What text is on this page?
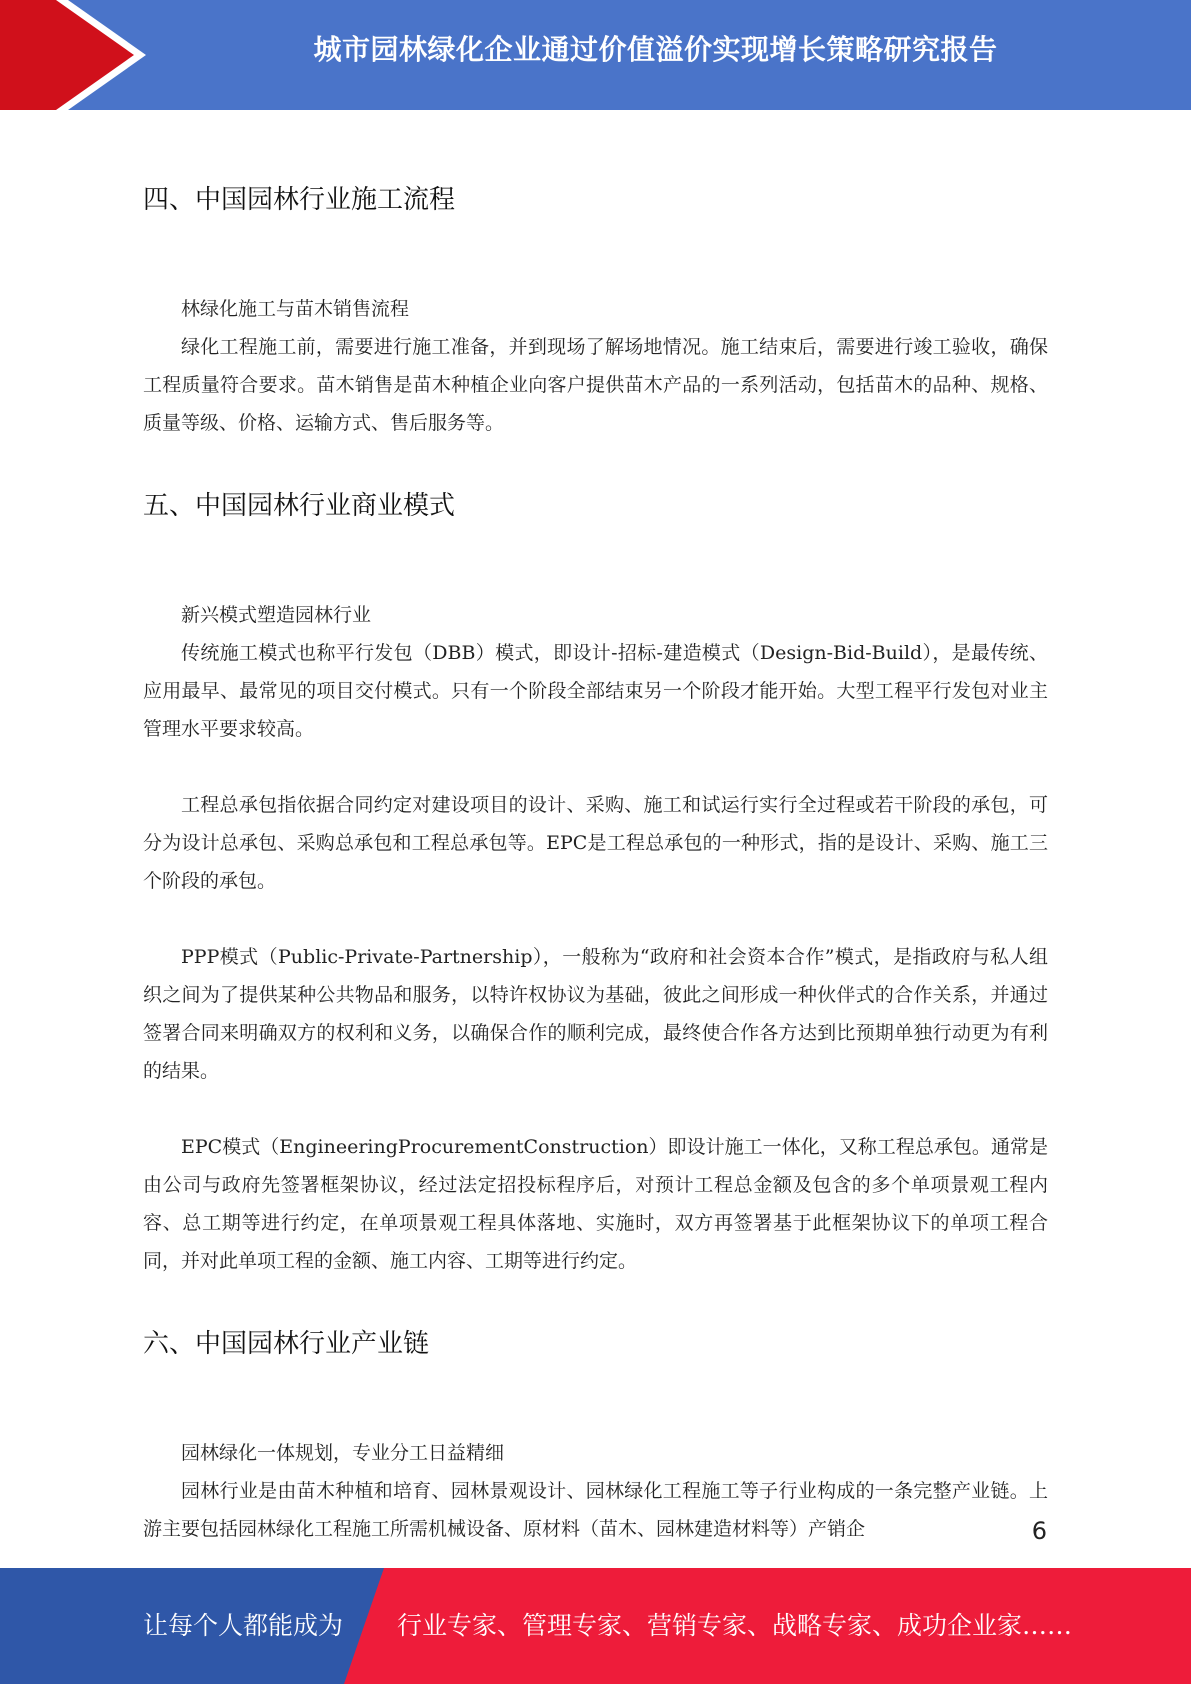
城市园林绿化企业通过价值溢价实现增长策略研究报告
四、中国园林行业施工流程

林绿化施工与苗木销售流程

绿化工程施工前，需要进行施工准备，并到现场了解场地情况。施工结束后，需要进行竣工验收，确保工程质量符合要求。苗木销售是苗木种植企业向客户提供苗木产品的一系列活动，包括苗木的品种、规格、质量等级、价格、运输方式、售后服务等。

五、中国园林行业商业模式

新兴模式塑造园林行业

传统施工模式也称平行发包（DBB）模式，即设计-招标-建造模式（Design-Bid-Build），是最传统、应用最早、最常见的项目交付模式。只有一个阶段全部结束另一个阶段才能开始。大型工程平行发包对业主管理水平要求较高。

工程总承包指依据合同约定对建设项目的设计、采购、施工和试运行实行全过程或若干阶段的承包，可分为设计总承包、采购总承包和工程总承包等。EPC是工程总承包的一种形式，指的是设计、采购、施工三个阶段的承包。

PPP模式（Public-Private-Partnership），一般称为“政府和社会资本合作”模式，是指政府与私人组织之间为了提供某种公共物品和服务，以特许权协议为基础，彼此之间形成一种伙伴式的合作关系，并通过签署合同来明确双方的权利和义务，以确保合作的顺利完成，最终使合作各方达到比预期单独行动更为有利的结果。

EPC模式（EngineeringProcurementConstruction）即设计施工一体化，又称工程总承包。通常是由公司与政府先签署框架协议，经过法定招投标程序后，对预计工程总金额及包含的多个单项景观工程内容、总工期等进行约定，在单项景观工程具体落地、实施时，双方再签署基于此框架协议下的单项工程合同，并对此单项工程的金额、施工内容、工期等进行约定。

六、中国园林行业产业链

园林绿化一体规划，专业分工日益精细

园林行业是由苗木种植和培育、园林景观设计、园林绿化工程施工等子行业构成的一条完整产业链。上游主要包括园林绿化工程施工所需机械设备、原材料（苗木、园林建造材料等）产销企	6
让每个人都能成为 行业专家、管理专家、营销专家、战略专家、成功企业家……
